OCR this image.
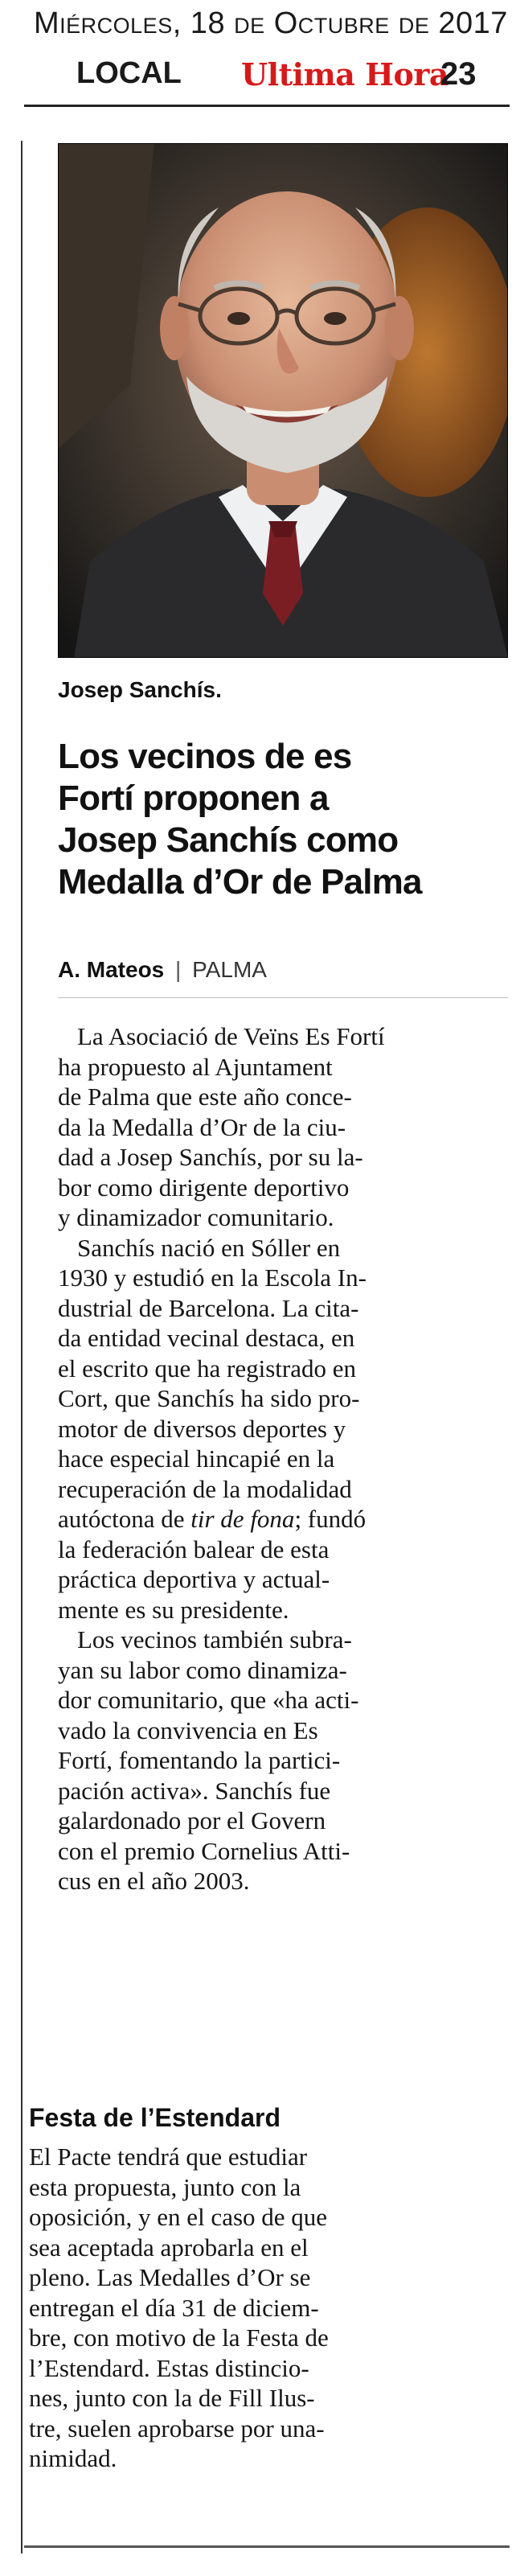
Miércoles, 18 de Octubre de 2017
LOCAL Ultima Hora
23
Josep Sanchís.
Los vecinos de es
Fortí proponen a
Josep Sanchís como
Medalla d’Or de Palma
A. Mateos | PALMA
La Asociació de Veïns Es Fortí
ha propuesto al Ajuntament
de Palma que este año conce-
da la Medalla d’Or de la ciu-
dad a Josep Sanchís, por su la-
bor como dirigente deportivo
y dinamizador comunitario.
Sanchís nació en Sóller en
1930 y estudió en la Escola In-
dustrial de Barcelona. La cita-
da entidad vecinal destaca, en
el escrito que ha registrado en
Cort, que Sanchís ha sido pro-
motor de diversos deportes y
hace especial hincapié en la
recuperación de la modalidad
autóctona de tir de fona; fundó
la federación balear de esta
práctica deportiva y actual-
mente es su presidente.
Los vecinos también subra-
yan su labor como dinamiza-
dor comunitario, que «ha acti-
vado la convivencia en Es
Fortí, fomentando la partici-
pación activa». Sanchís fue
galardonado por el Govern
con el premio Cornelius Atti-
cus en el año 2003.
Festa de l’Estendard
El Pacte tendrá que estudiar
esta propuesta, junto con la
oposición, y en el caso de que
sea aceptada aprobarla en el
pleno. Las Medalles d’Or se
entregan el día 31 de diciem-
bre, con motivo de la Festa de
l’Estendard. Estas distincio-
nes, junto con la de Fill Ilus-
tre, suelen aprobarse por una-
nimidad.
